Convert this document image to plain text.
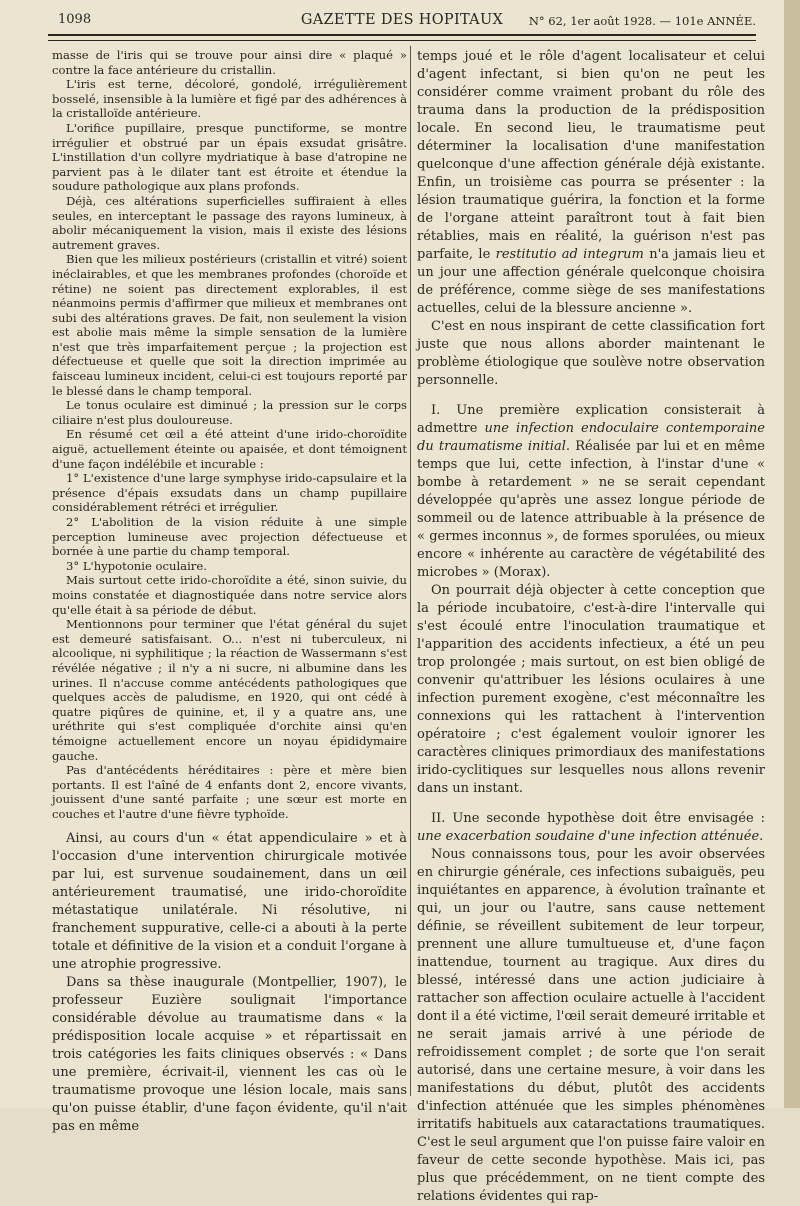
1098	GAZETTE DES HOPITAUX	N° 62, 1er août 1928. — 101e ANNÉE.

masse de l'iris qui se trouve pour ainsi dire « plaqué » contre la face antérieure du cristallin.

L'iris est terne, décoloré, gondolé, irrégulièrement bosselé, insensible à la lumière et figé par des adhérences à la cristalloïde antérieure.

L'orifice pupillaire, presque punctiforme, se montre irrégulier et obstrué par un épais exsudat grisâtre. L'instillation d'un collyre mydriatique à base d'atropine ne parvient pas à le dilater tant est étroite et étendue la soudure pathologique aux plans profonds.

Déjà, ces altérations superficielles suffiraient à elles seules, en interceptant le passage des rayons lumineux, à abolir mécaniquement la vision, mais il existe des lésions autrement graves.

Bien que les milieux postérieurs (cristallin et vitré) soient inéclairables, et que les membranes profondes (choroïde et rétine) ne soient pas directement explorables, il est néanmoins permis d'affirmer que milieux et membranes ont subi des altérations graves. De fait, non seulement la vision est abolie mais même la simple sensation de la lumière n'est que très imparfaitement perçue ; la projection est défectueuse et quelle que soit la direction imprimée au faisceau lumineux incident, celui-ci est toujours reporté par le blessé dans le champ temporal.

Le tonus oculaire est diminué ; la pression sur le corps ciliaire n'est plus douloureuse.

En résumé cet œil a été atteint d'une irido-choroïdite aiguë, actuellement éteinte ou apaisée, et dont témoignent d'une façon indélébile et incurable :

1° L'existence d'une large symphyse irido-capsulaire et la présence d'épais exsudats dans un champ pupillaire considérablement rétréci et irrégulier.

2° L'abolition de la vision réduite à une simple perception lumineuse avec projection défectueuse et bornée à une partie du champ temporal.

3° L'hypotonie oculaire.

Mais surtout cette irido-choroïdite a été, sinon suivie, du moins constatée et diagnostiquée dans notre service alors qu'elle était à sa période de début.

Mentionnons pour terminer que l'état général du sujet est demeuré satisfaisant. O... n'est ni tuberculeux, ni alcoolique, ni syphilitique ; la réaction de Wassermann s'est révélée négative ; il n'y a ni sucre, ni albumine dans les urines. Il n'accuse comme antécédents pathologiques que quelques accès de paludisme, en 1920, qui ont cédé à quatre piqûres de quinine, et, il y a quatre ans, une uréthrite qui s'est compliquée d'orchite ainsi qu'en témoigne actuellement encore un noyau épididymaire gauche.

Pas d'antécédents héréditaires : père et mère bien portants. Il est l'aîné de 4 enfants dont 2, encore vivants, jouissent d'une santé parfaite ; une sœur est morte en couches et l'autre d'une fièvre typhoïde.

Ainsi, au cours d'un « état appendiculaire » et à l'occasion d'une intervention chirurgicale motivée par lui, est survenue soudainement, dans un œil antérieurement traumatisé, une irido-choroïdite métastatique unilatérale. Ni résolutive, ni franchement suppurative, celle-ci a abouti à la perte totale et définitive de la vision et a conduit l'organe à une atrophie progressive.

Dans sa thèse inaugurale (Montpellier, 1907), le professeur Euzière soulignait l'importance considérable dévolue au traumatisme dans « la prédisposition locale acquise » et répartissait en trois catégories les faits cliniques observés : « Dans une première, écrivait-il, viennent les cas où le traumatisme provoque une lésion locale, mais sans qu'on puisse établir, d'une façon évidente, qu'il n'ait pas en même

temps joué et le rôle d'agent localisateur et celui d'agent infectant, si bien qu'on ne peut les considérer comme vraiment probant du rôle des trauma dans la production de la prédisposition locale. En second lieu, le traumatisme peut déterminer la localisation d'une manifestation quelconque d'une affection générale déjà existante. Enfin, un troisième cas pourra se présenter : la lésion traumatique guérira, la fonction et la forme de l'organe atteint paraîtront tout à fait bien rétablies, mais en réalité, la guérison n'est pas parfaite, le restitutio ad integrum n'a jamais lieu et un jour une affection générale quelconque choisira de préférence, comme siège de ses manifestations actuelles, celui de la blessure ancienne ».

C'est en nous inspirant de cette classification fort juste que nous allons aborder maintenant le problème étiologique que soulève notre observation personnelle.

I. Une première explication consisterait à admettre une infection endoculaire contemporaine du traumatisme initial. Réalisée par lui et en même temps que lui, cette infection, à l'instar d'une « bombe à retardement » ne se serait cependant développée qu'après une assez longue période de sommeil ou de latence attribuable à la présence de « germes inconnus », de formes sporulées, ou mieux encore « inhérente au caractère de végétabilité des microbes » (Morax).

On pourrait déjà objecter à cette conception que la période incubatoire, c'est-à-dire l'intervalle qui s'est écoulé entre l'inoculation traumatique et l'apparition des accidents infectieux, a été un peu trop prolongée ; mais surtout, on est bien obligé de convenir qu'attribuer les lésions oculaires à une infection purement exogène, c'est méconnaître les connexions qui les rattachent à l'intervention opératoire ; c'est également vouloir ignorer les caractères cliniques primordiaux des manifestations irido-cyclitiques sur lesquelles nous allons revenir dans un instant.

II. Une seconde hypothèse doit être envisagée : une exacerbation soudaine d'une infection atténuée.

Nous connaissons tous, pour les avoir observées en chirurgie générale, ces infections subaiguës, peu inquiétantes en apparence, à évolution traînante et qui, un jour ou l'autre, sans cause nettement définie, se réveillent subitement de leur torpeur, prennent une allure tumultueuse et, d'une façon inattendue, tournent au tragique. Aux dires du blessé, intéressé dans une action judiciaire à rattacher son affection oculaire actuelle à l'accident dont il a été victime, l'œil serait demeuré irritable et ne serait jamais arrivé à une période de refroidissement complet ; de sorte que l'on serait autorisé, dans une certaine mesure, à voir dans les manifestations du début, plutôt des accidents d'infection atténuée que les simples phénomènes irritatifs habituels aux cataractations traumatiques. C'est le seul argument que l'on puisse faire valoir en faveur de cette seconde hypothèse. Mais ici, pas plus que précédemment, on ne tient compte des relations évidentes qui rap-
